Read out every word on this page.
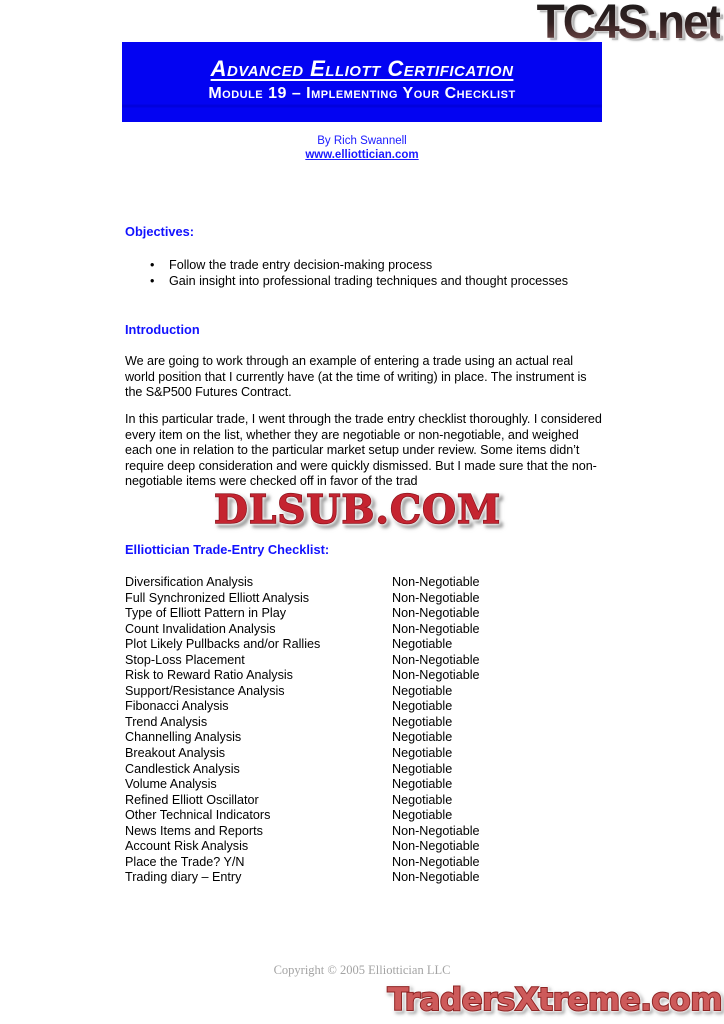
TC4S.net
Advanced Elliott Certification
Module 19 – Implementing Your Checklist
By Rich Swannell
www.elliottician.com
Objectives:
• Follow the trade entry decision-making process
• Gain insight into professional trading techniques and thought processes
Introduction

We are going to work through an example of entering a trade using an actual real world position that I currently have (at the time of writing) in place. The instrument is the S&P500 Futures Contract.

In this particular trade, I went through the trade entry checklist thoroughly. I considered every item on the list, whether they are negotiable or non-negotiable, and weighed each one in relation to the particular market setup under review. Some items didn’t require deep consideration and were quickly dismissed. But I made sure that the non-negotiable items were checked off in favor of the trad

DLSUB.COM
Elliottician Trade-Entry Checklist:
Diversification Analysis	Non-Negotiable
Full Synchronized Elliott Analysis	Non-Negotiable
Type of Elliott Pattern in Play	Non-Negotiable
Count Invalidation Analysis	Non-Negotiable
Plot Likely Pullbacks and/or Rallies	Negotiable
Stop-Loss Placement	Non-Negotiable
Risk to Reward Ratio Analysis	Non-Negotiable
Support/Resistance Analysis	Negotiable
Fibonacci Analysis	Negotiable
Trend Analysis	Negotiable
Channelling Analysis	Negotiable
Breakout Analysis	Negotiable
Candlestick Analysis	Negotiable
Volume Analysis	Negotiable
Refined Elliott Oscillator	Negotiable
Other Technical Indicators	Negotiable
News Items and Reports	Non-Negotiable
Account Risk Analysis	Non-Negotiable
Place the Trade? Y/N	Non-Negotiable
Trading diary – Entry	Non-Negotiable
Copyright © 2005 Elliottician LLC
TradersXtreme.com
